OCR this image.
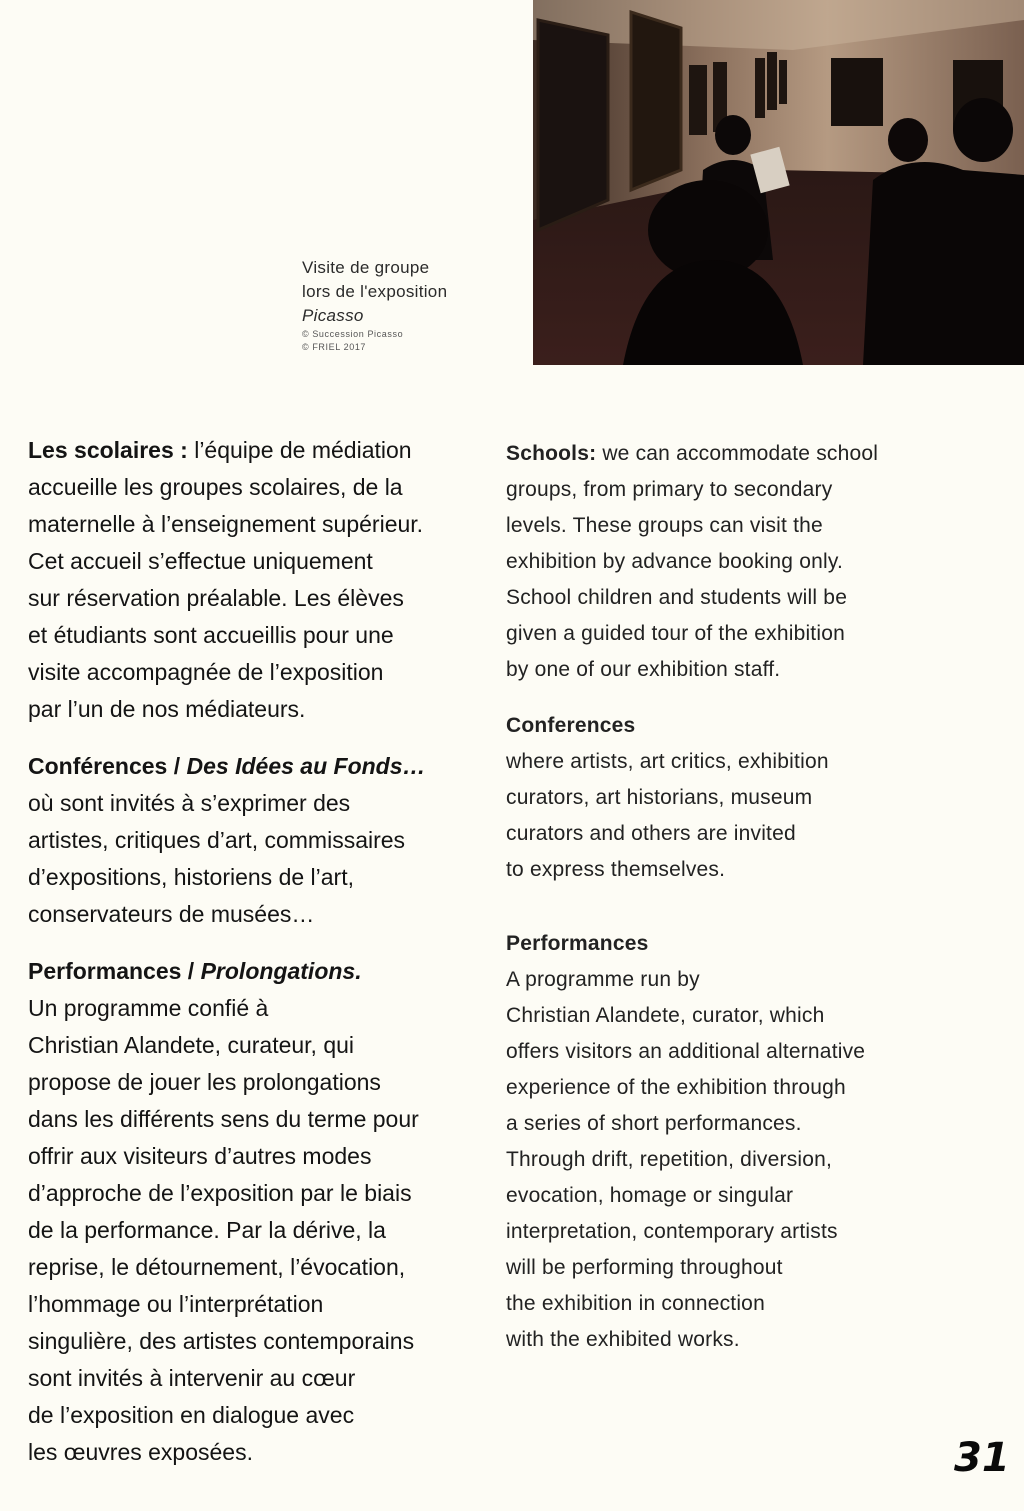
Visite de groupe
lors de l'exposition
Picasso
© Succession Picasso
© FRIEL 2017
Les scolaires : l’équipe de médiation
accueille les groupes scolaires, de la
maternelle à l’enseignement supérieur.
Cet accueil s’effectue uniquement
sur réservation préalable. Les élèves
et étudiants sont accueillis pour une
visite accompagnée de l’exposition
par l’un de nos médiateurs.
Conférences / Des Idées au Fonds…
où sont invités à s’exprimer des
artistes, critiques d’art, commissaires
d’expositions, historiens de l’art,
conservateurs de musées…
Performances / Prolongations.
Un programme confié à
Christian Alandete, curateur, qui
propose de jouer les prolongations
dans les différents sens du terme pour
offrir aux visiteurs d’autres modes
d’approche de l’exposition par le biais
de la performance. Par la dérive, la
reprise, le détournement, l’évocation,
l’hommage ou l’interprétation
singulière, des artistes contemporains
sont invités à intervenir au cœur
de l’exposition en dialogue avec
les œuvres exposées.
Schools: we can accommodate school
groups, from primary to secondary
levels. These groups can visit the
exhibition by advance booking only.
School children and students will be
given a guided tour of the exhibition
by one of our exhibition staff.
Conferences
where artists, art critics, exhibition
curators, art historians, museum
curators and others are invited
to express themselves.
Performances
A programme run by
Christian Alandete, curator, which
offers visitors an additional alternative
experience of the exhibition through
a series of short performances.
Through drift, repetition, diversion,
evocation, homage or singular
interpretation, contemporary artists
will be performing throughout
the exhibition in connection
with the exhibited works.
31
